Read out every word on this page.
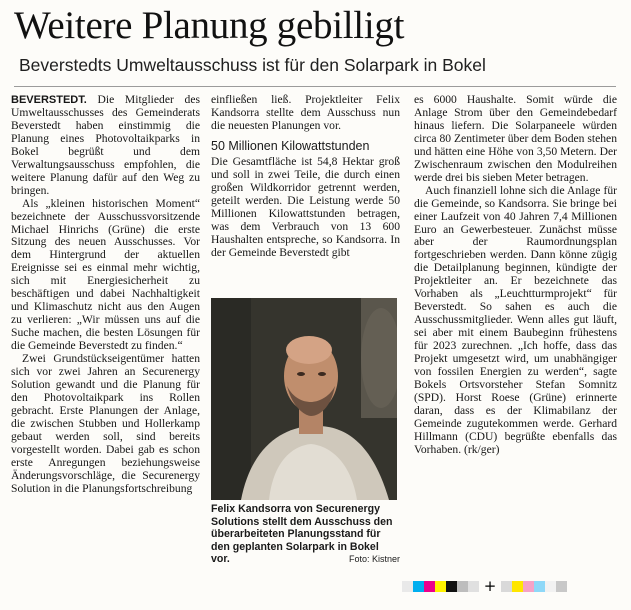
Weitere Planung gebilligt
Beverstedts Umweltausschuss ist für den Solarpark in Bokel

BEVERSTEDT. Die Mitglieder des Umweltausschusses des Gemeinderats Beverstedt haben einstimmig die Planung eines Photovoltaikparks in Bokel begrüßt und dem Verwaltungsausschuss empfohlen, die weitere Planung dafür auf den Weg zu bringen.

Als „kleinen historischen Moment“ bezeichnete der Ausschussvorsitzende Michael Hinrichs (Grüne) die erste Sitzung des neuen Ausschusses. Vor dem Hintergrund der aktuellen Ereignisse sei es einmal mehr wichtig, sich mit Energiesicherheit zu beschäftigen und dabei Nachhaltigkeit und Klimaschutz nicht aus den Augen zu verlieren: „Wir müssen uns auf die Suche machen, die besten Lösungen für die Gemeinde Beverstedt zu finden.“

Zwei Grundstückseigentümer hatten sich vor zwei Jahren an Securenergy Solution gewandt und die Planung für den Photovoltaikpark ins Rollen gebracht. Erste Planungen der Anlage, die zwischen Stubben und Hollerkamp gebaut werden soll, sind bereits vorgestellt worden. Dabei gab es schon erste Anregungen beziehungsweise Änderungsvorschläge, die Securenergy Solution in die Planungsfortschreibung

einfließen ließ. Projektleiter Felix Kandsorra stellte dem Ausschuss nun die neuesten Planungen vor.

50 Millionen Kilowattstunden

Die Gesamtfläche ist 54,8 Hektar groß und soll in zwei Teile, die durch einen großen Wildkorridor getrennt werden, geteilt werden. Die Leistung werde 50 Millionen Kilowattstunden betragen, was dem Verbrauch von 13 600 Haushalten entspreche, so Kandsorra. In der Gemeinde Beverstedt gibt

Felix Kandsorra von Securenergy Solutions stellt dem Ausschuss den überarbeiteten Planungsstand für den geplanten Solarpark in Bokel vor.	Foto: Kistner

es 6000 Haushalte. Somit würde die Anlage Strom über den Gemeindebedarf hinaus liefern. Die Solarpaneele würden circa 80 Zentimeter über dem Boden stehen und hätten eine Höhe von 3,50 Metern. Der Zwischenraum zwischen den Modulreihen werde drei bis sieben Meter betragen.

Auch finanziell lohne sich die Anlage für die Gemeinde, so Kandsorra. Sie bringe bei einer Laufzeit von 40 Jahren 7,4 Millionen Euro an Gewerbesteuer. Zunächst müsse aber der Raumordnungsplan fortgeschrieben werden. Dann könne zügig die Detailplanung beginnen, kündigte der Projektleiter an. Er bezeichnete das Vorhaben als „Leuchtturmprojekt“ für Beverstedt. So sahen es auch die Ausschussmitglieder. Wenn alles gut läuft, sei aber mit einem Baubeginn frühestens für 2023 zurechnen. „Ich hoffe, dass das Projekt umgesetzt wird, um unabhängiger von fossilen Energien zu werden“, sagte Bokels Ortsvorsteher Stefan Somnitz (SPD). Horst Roese (Grüne) erinnerte daran, dass es der Klimabilanz der Gemeinde zugutekommen werde. Gerhard Hillmann (CDU) begrüßte ebenfalls das Vorhaben. (rk/ger)

+
